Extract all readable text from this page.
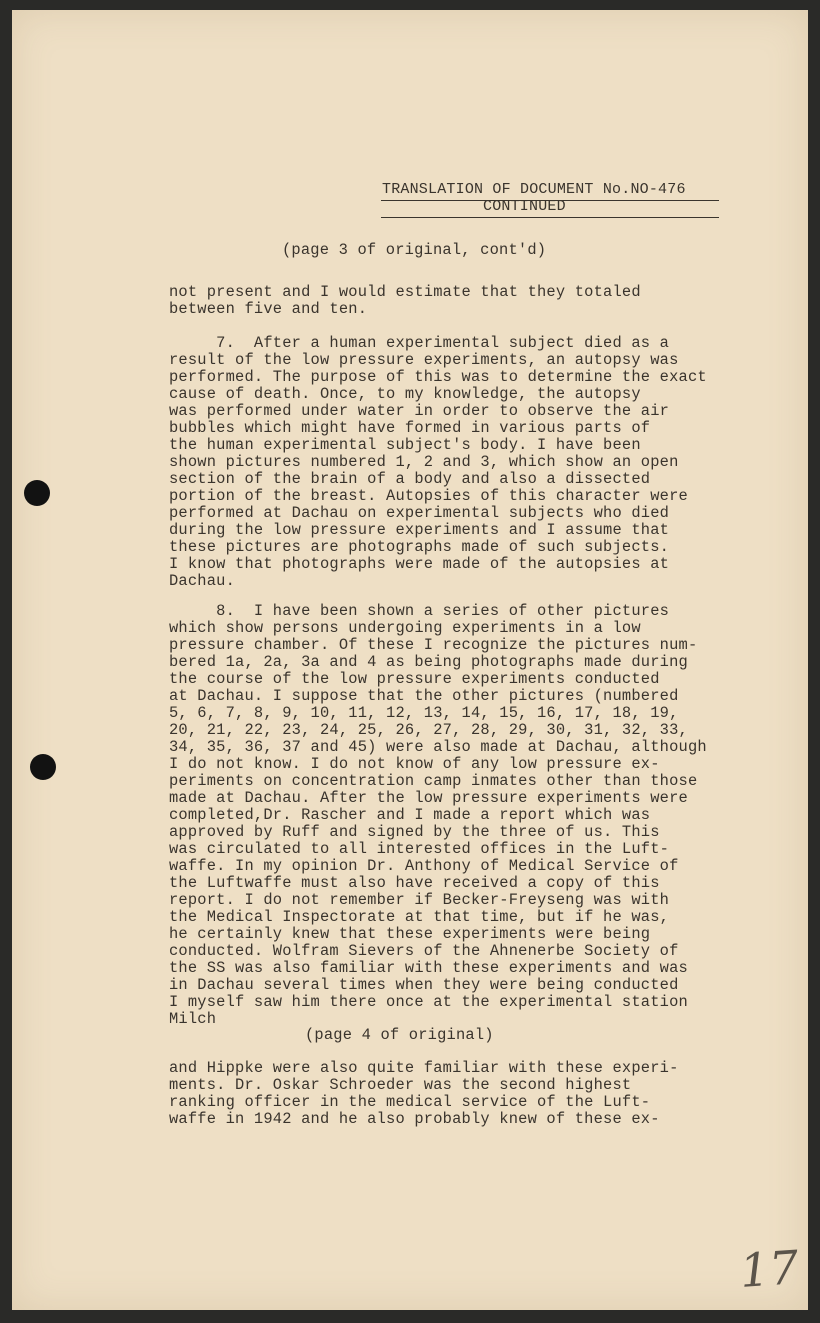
TRANSLATION OF DOCUMENT No.NO-476
CONTINUED
(page 3 of original, cont'd)
not present and I would estimate that they totaled
between five and ten.
7.  After a human experimental subject died as a
result of the low pressure experiments, an autopsy was
performed. The purpose of this was to determine the exact
cause of death. Once, to my knowledge, the autopsy
was performed under water in order to observe the air
bubbles which might have formed in various parts of
the human experimental subject's body. I have been
shown pictures numbered 1, 2 and 3, which show an open
section of the brain of a body and also a dissected
portion of the breast. Autopsies of this character were
performed at Dachau on experimental subjects who died
during the low pressure experiments and I assume that
these pictures are photographs made of such subjects.
I know that photographs were made of the autopsies at
Dachau.
8.  I have been shown a series of other pictures
which show persons undergoing experiments in a low
pressure chamber. Of these I recognize the pictures num-
bered 1a, 2a, 3a and 4 as being photographs made during
the course of the low pressure experiments conducted
at Dachau. I suppose that the other pictures (numbered
5, 6, 7, 8, 9, 10, 11, 12, 13, 14, 15, 16, 17, 18, 19,
20, 21, 22, 23, 24, 25, 26, 27, 28, 29, 30, 31, 32, 33,
34, 35, 36, 37 and 45) were also made at Dachau, although
I do not know. I do not know of any low pressure ex-
periments on concentration camp inmates other than those
made at Dachau. After the low pressure experiments were
completed,Dr. Rascher and I made a report which was
approved by Ruff and signed by the three of us. This
was circulated to all interested offices in the Luft-
waffe. In my opinion Dr. Anthony of Medical Service of
the Luftwaffe must also have received a copy of this
report. I do not remember if Becker-Freyseng was with
the Medical Inspectorate at that time, but if he was,
he certainly knew that these experiments were being
conducted. Wolfram Sievers of the Ahnenerbe Society of
the SS was also familiar with these experiments and was
in Dachau several times when they were being conducted
I myself saw him there once at the experimental station
Milch
(page 4 of original)
and Hippke were also quite familiar with these experi-
ments. Dr. Oskar Schroeder was the second highest
ranking officer in the medical service of the Luft-
waffe in 1942 and he also probably knew of these ex-
17
